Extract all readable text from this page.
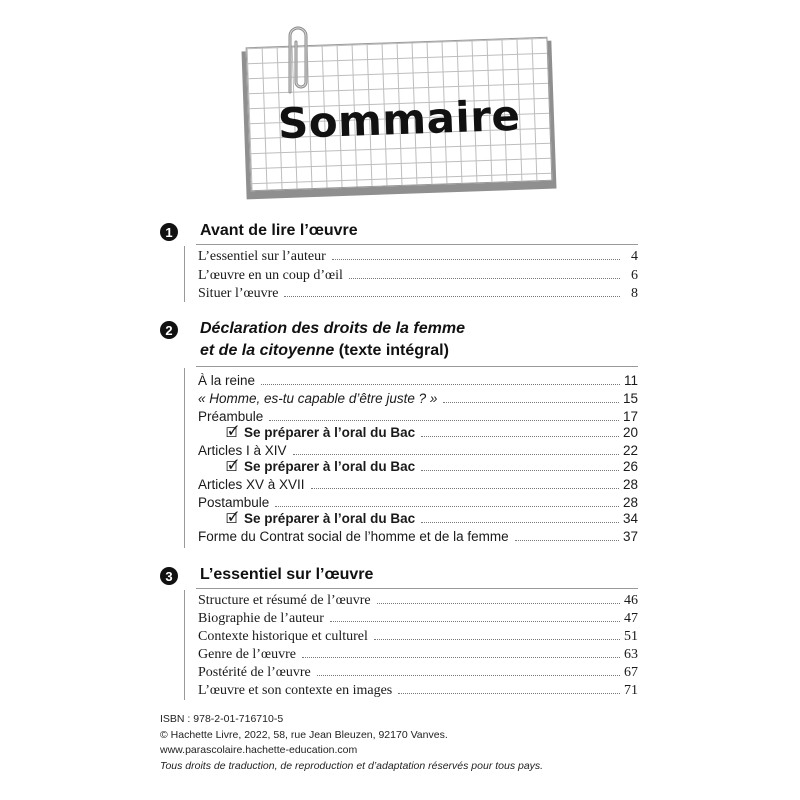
Sommaire
1	Avant de lire l’œuvre
L’essentiel sur l’auteur	4
L’œuvre en un coup d’œil	6
Situer l’œuvre	8
2	Déclaration des droits de la femme
et de la citoyenne (texte intégral)
À la reine	11
« Homme, es-tu capable d’être juste ? »	15
Préambule	17
🗹 Se préparer à l’oral du Bac	20
Articles I à XIV	22
🗹 Se préparer à l’oral du Bac	26
Articles XV à XVII	28
Postambule	28
🗹 Se préparer à l’oral du Bac	34
Forme du Contrat social de l’homme et de la femme	37
3	L’essentiel sur l’œuvre
Structure et résumé de l’œuvre	46
Biographie de l’auteur	47
Contexte historique et culturel	51
Genre de l’œuvre	63
Postérité de l’œuvre	67
L’œuvre et son contexte en images	71
ISBN : 978-2-01-716710-5
© Hachette Livre, 2022, 58, rue Jean Bleuzen, 92170 Vanves.
www.parascolaire.hachette-education.com
Tous droits de traduction, de reproduction et d’adaptation réservés pour tous pays.
